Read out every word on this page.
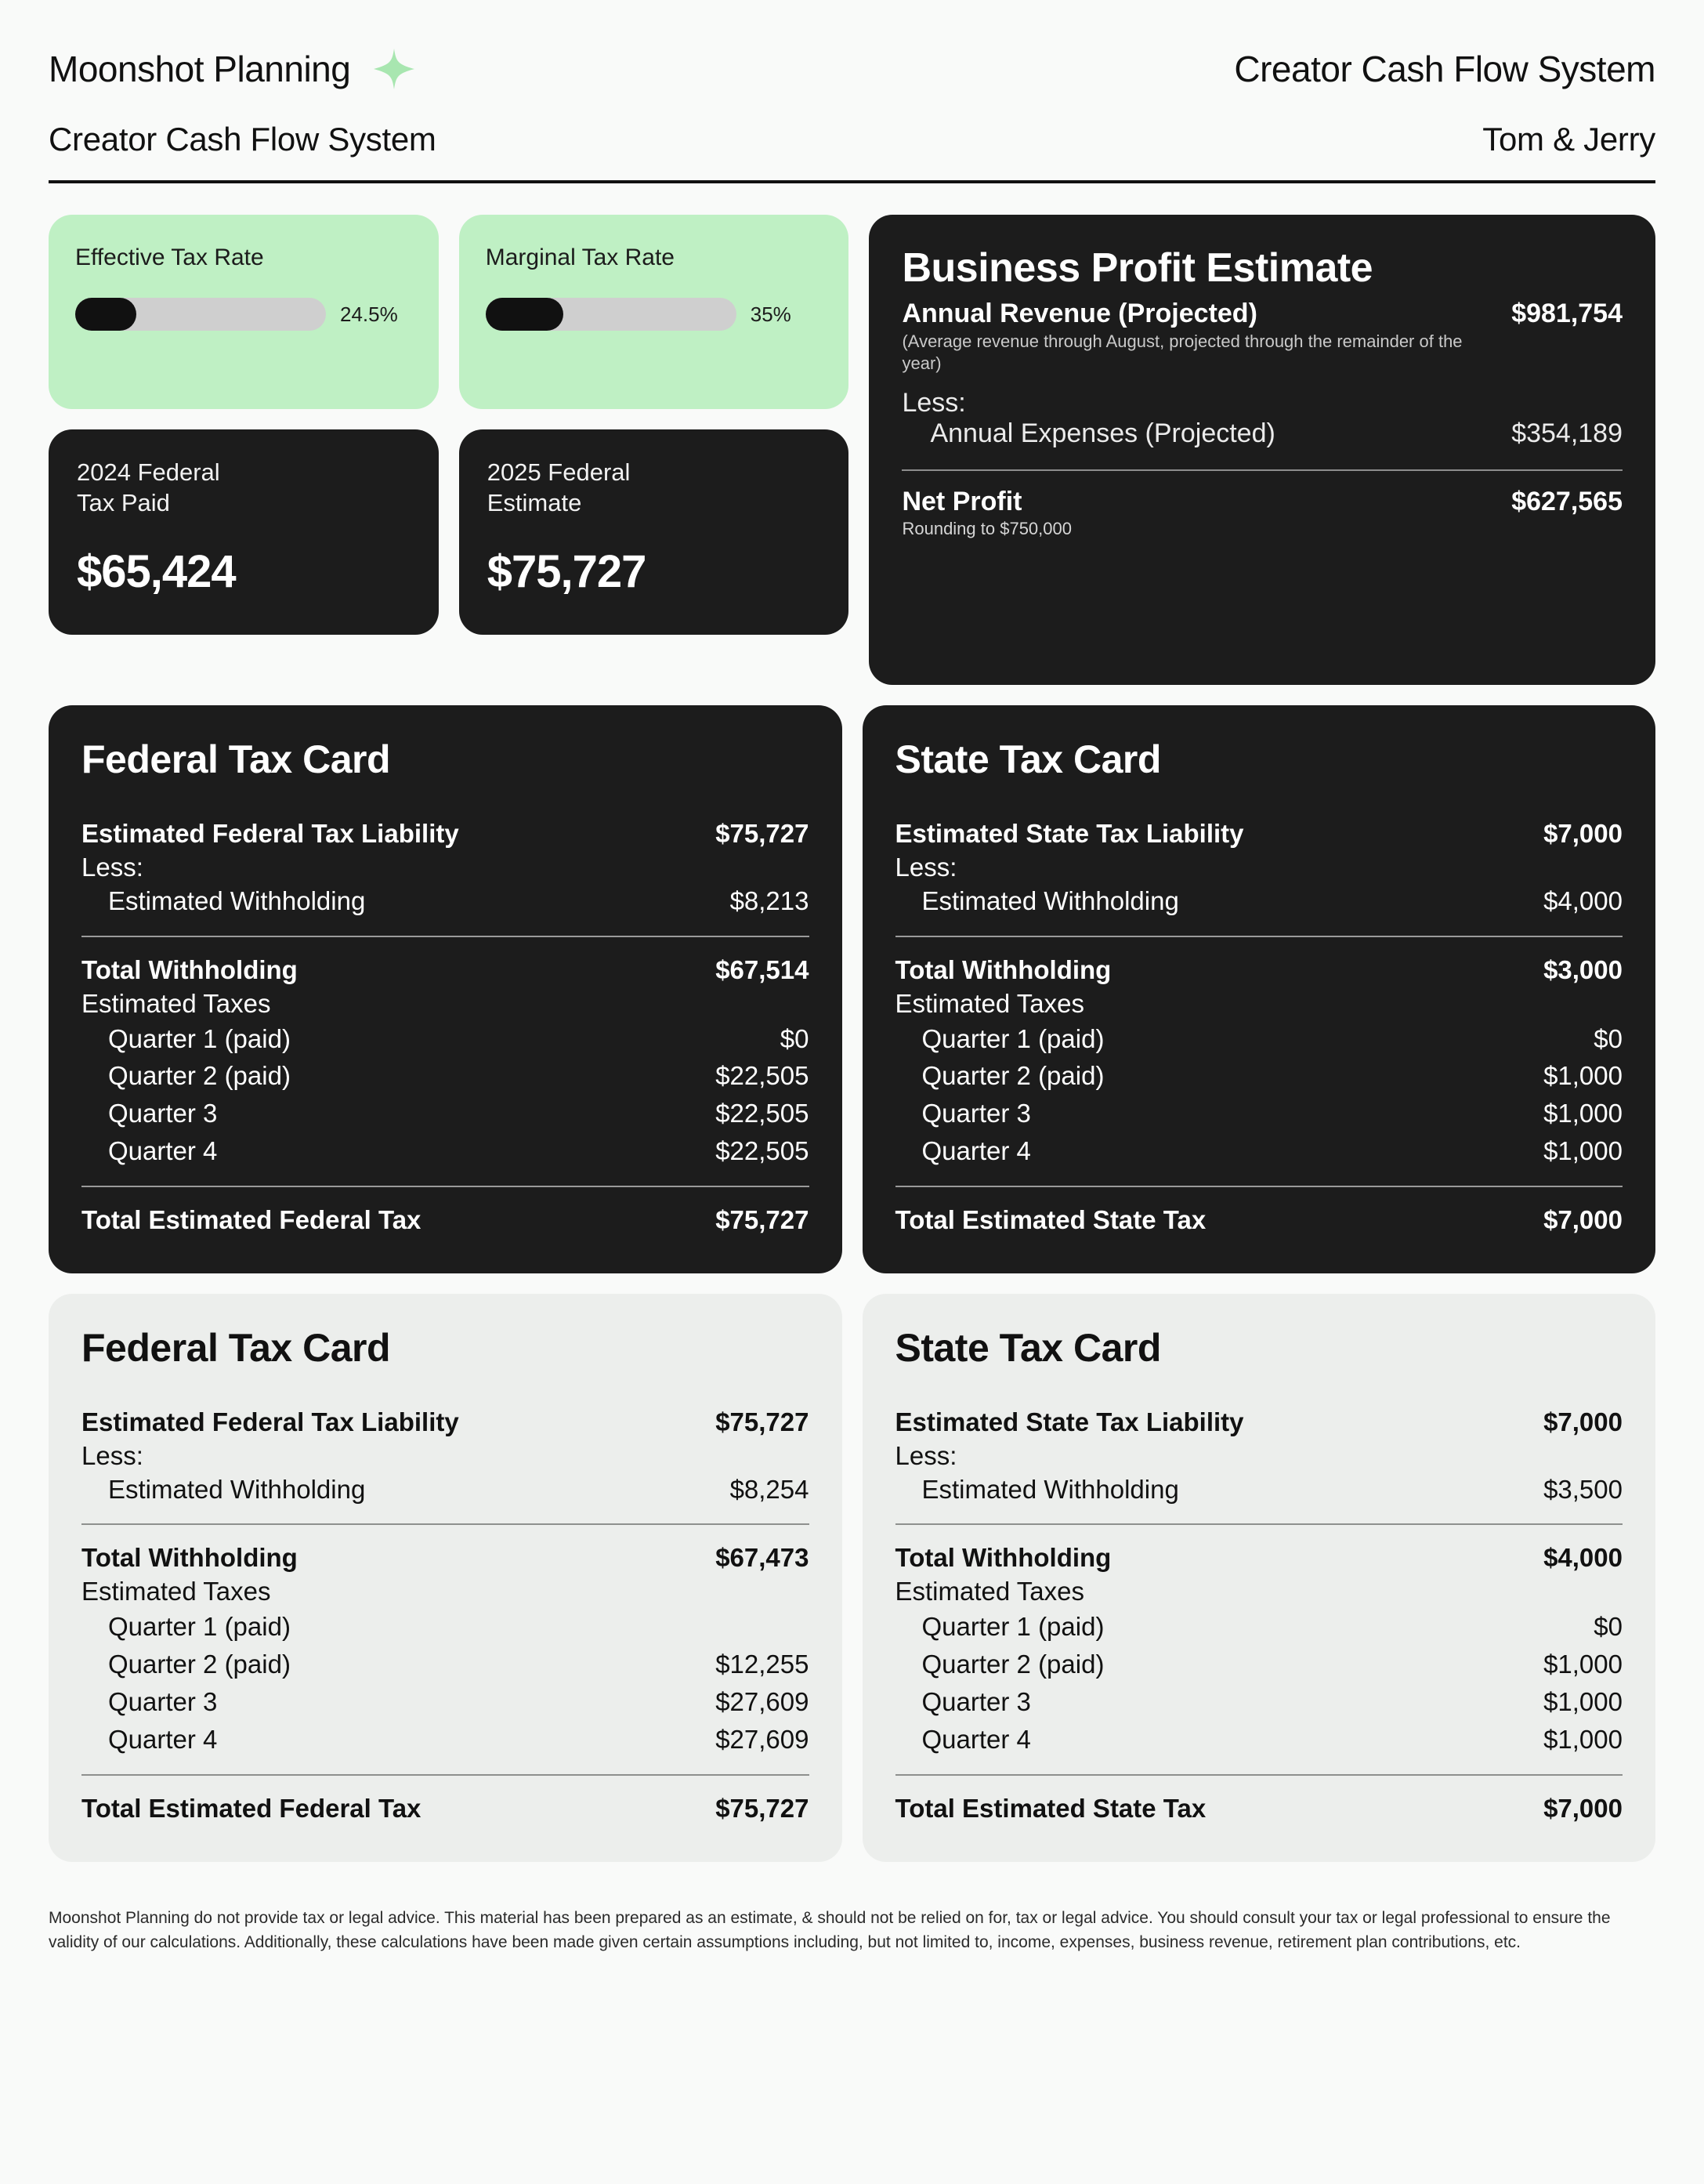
Moonshot Planning	Creator Cash Flow System
Creator Cash Flow System	Tom & Jerry
Effective Tax Rate
24.5%
Marginal Tax Rate
35%
2024 Federal
Tax Paid
$65,424
2025 Federal
Estimate
$75,727
Business Profit Estimate
Annual Revenue (Projected)	$981,754
(Average revenue through August, projected through the remainder of the year)
Less:
Annual Expenses (Projected)	$354,189
Net Profit	$627,565
Rounding to $750,000
Federal Tax Card
Estimated Federal Tax Liability	$75,727
Less:
Estimated Withholding	$8,213
Total Withholding	$67,514
Estimated Taxes
Quarter 1 (paid)	$0
Quarter 2 (paid)	$22,505
Quarter 3	$22,505
Quarter 4	$22,505
Total Estimated Federal Tax	$75,727
State Tax Card
Estimated State Tax Liability	$7,000
Less:
Estimated Withholding	$4,000
Total Withholding	$3,000
Estimated Taxes
Quarter 1 (paid)	$0
Quarter 2 (paid)	$1,000
Quarter 3	$1,000
Quarter 4	$1,000
Total Estimated State Tax	$7,000
Federal Tax Card
Estimated Federal Tax Liability	$75,727
Less:
Estimated Withholding	$8,254
Total Withholding	$67,473
Estimated Taxes
Quarter 1 (paid)
Quarter 2 (paid)	$12,255
Quarter 3	$27,609
Quarter 4	$27,609
Total Estimated Federal Tax	$75,727
State Tax Card
Estimated State Tax Liability	$7,000
Less:
Estimated Withholding	$3,500
Total Withholding	$4,000
Estimated Taxes
Quarter 1 (paid)	$0
Quarter 2 (paid)	$1,000
Quarter 3	$1,000
Quarter 4	$1,000
Total Estimated State Tax	$7,000
Moonshot Planning do not provide tax or legal advice. This material has been prepared as an estimate, & should not be relied on for, tax or legal advice. You should consult your tax or legal professional to ensure the validity of our calculations. Additionally, these calculations have been made given certain assumptions including, but not limited to, income, expenses, business revenue, retirement plan contributions, etc.
